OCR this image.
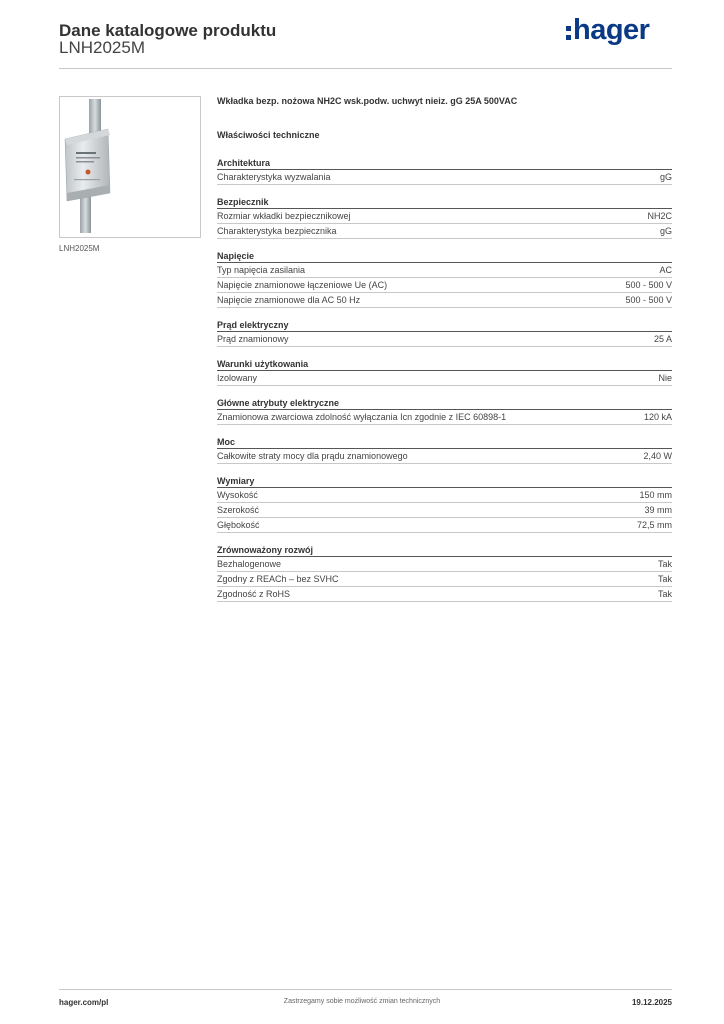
Dane katalogowe produktu
LNH2025M
hager
LNH2025M
Wkładka bezp. nożowa NH2C wsk.podw. uchwyt nieiz. gG 25A 500VAC
Właściwości techniczne
Architektura
Charakterystyka wyzwalania	gG
Bezpiecznik
Rozmiar wkładki bezpiecznikowej	NH2C
Charakterystyka bezpiecznika	gG
Napięcie
Typ napięcia zasilania	AC
Napięcie znamionowe łączeniowe Ue (AC)	500 - 500 V
Napięcie znamionowe dla AC 50 Hz	500 - 500 V
Prąd elektryczny
Prąd znamionowy	25 A
Warunki użytkowania
Izolowany	Nie
Główne atrybuty elektryczne
Znamionowa zwarciowa zdolność wyłączania Icn zgodnie z IEC 60898-1	120 kA
Moc
Całkowite straty mocy dla prądu znamionowego	2,40 W
Wymiary
Wysokość	150 mm
Szerokość	39 mm
Głębokość	72,5 mm
Zrównoważony rozwój
Bezhalogenowe	Tak
Zgodny z REACh – bez SVHC	Tak
Zgodność z RoHS	Tak
hager.com/pl	Zastrzegamy sobie możliwość zmian technicznych	19.12.2025
